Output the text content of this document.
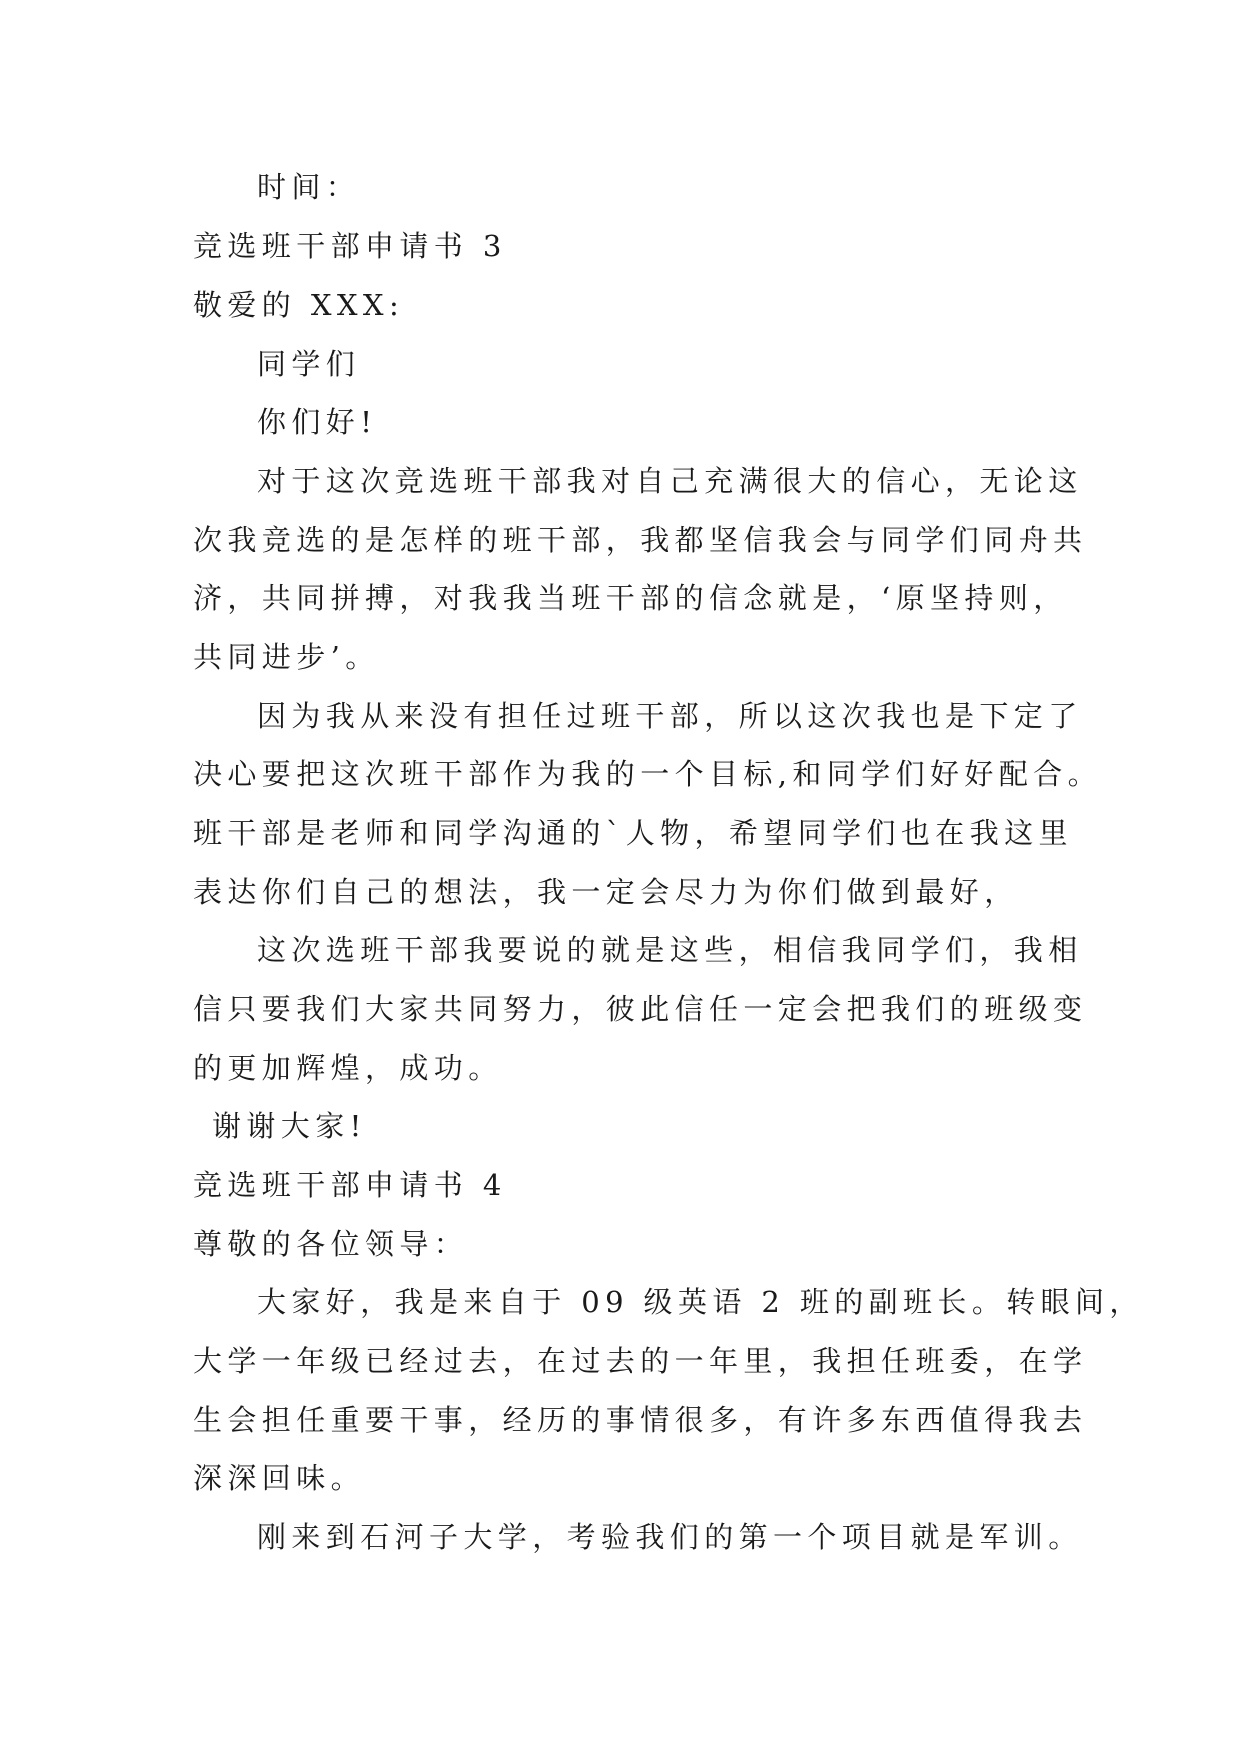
时间：
竞选班干部申请书 3
敬爱的 XXX:
同学们
你们好!
对于这次竞选班干部我对自己充满很大的信心，无论这
次我竞选的是怎样的班干部，我都坚信我会与同学们同舟共
济，共同拼搏，对我我当班干部的信念就是，‘原坚持则，
共同进步’。
因为我从来没有担任过班干部，所以这次我也是下定了
决心要把这次班干部作为我的一个目标,和同学们好好配合。
班干部是老师和同学沟通的`人物，希望同学们也在我这里
表达你们自己的想法，我一定会尽力为你们做到最好，
这次选班干部我要说的就是这些，相信我同学们，我相
信只要我们大家共同努力，彼此信任一定会把我们的班级变
的更加辉煌，成功。
谢谢大家!
竞选班干部申请书 4
尊敬的各位领导：
大家好，我是来自于 09 级英语 2 班的副班长。转眼间，
大学一年级已经过去，在过去的一年里，我担任班委，在学
生会担任重要干事，经历的事情很多，有许多东西值得我去
深深回味。
刚来到石河子大学，考验我们的第一个项目就是军训。
